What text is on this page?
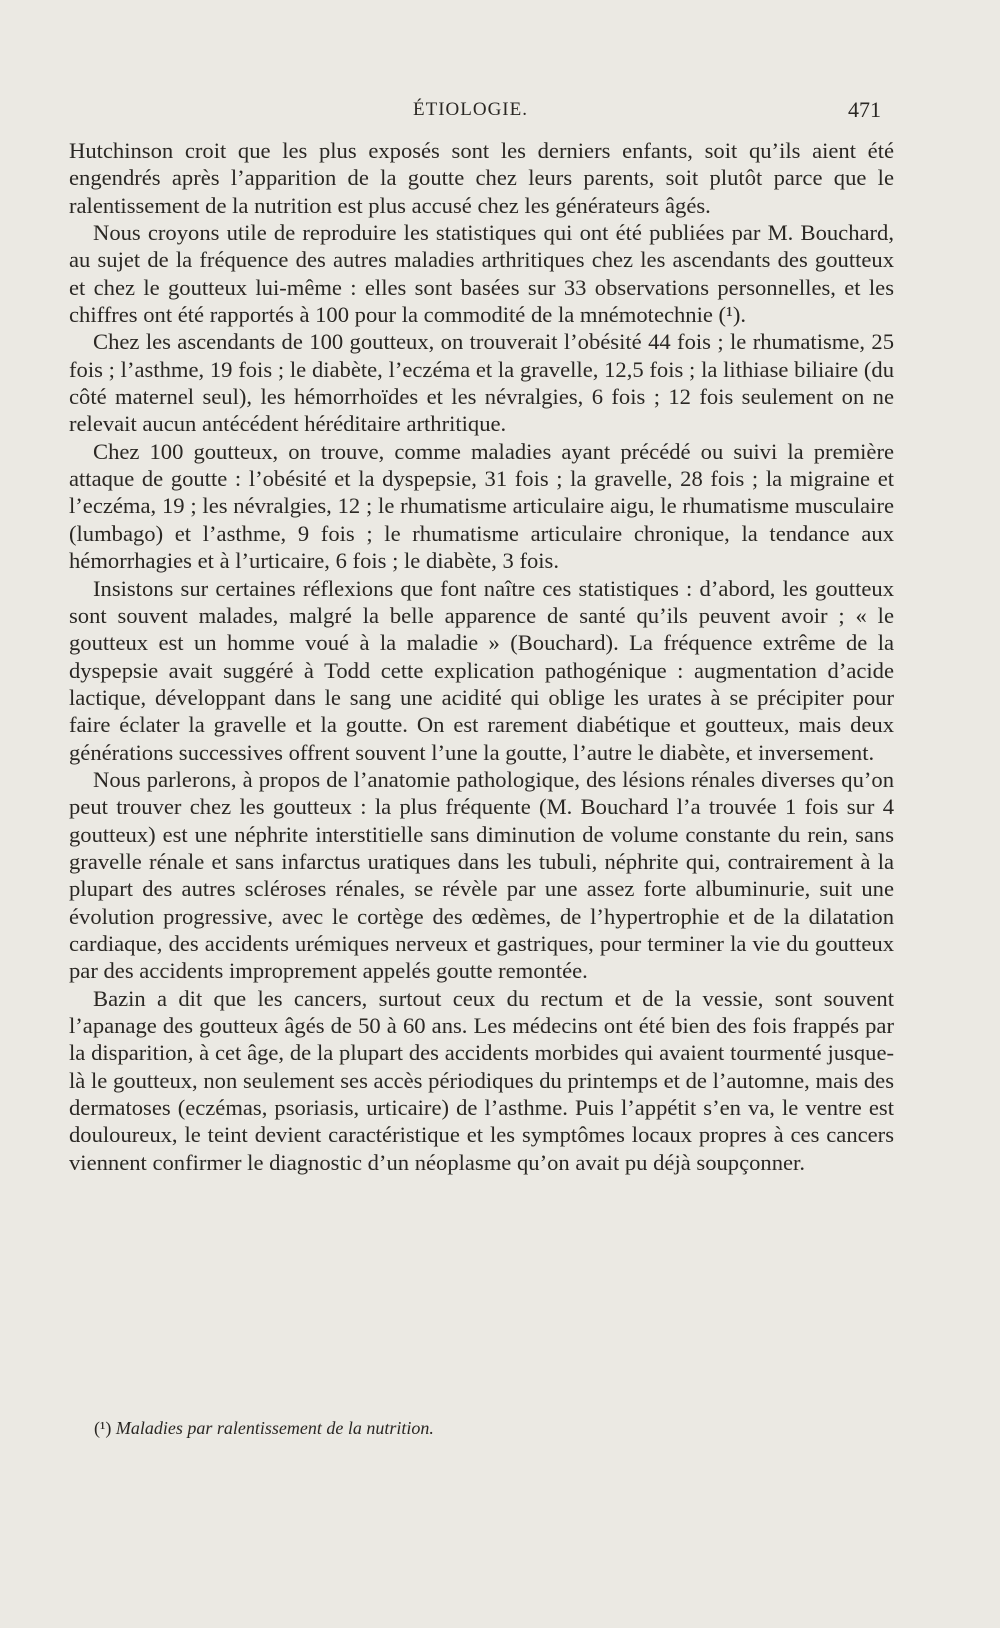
ÉTIOLOGIE.	471

Hutchinson croit que les plus exposés sont les derniers enfants, soit qu’ils aient été engendrés après l’apparition de la goutte chez leurs parents, soit plutôt parce que le ralentissement de la nutrition est plus accusé chez les générateurs âgés.

Nous croyons utile de reproduire les statistiques qui ont été publiées par M. Bouchard, au sujet de la fréquence des autres maladies arthritiques chez les ascendants des goutteux et chez le goutteux lui-même : elles sont basées sur 33 observations personnelles, et les chiffres ont été rapportés à 100 pour la commodité de la mnémotechnie (¹).

Chez les ascendants de 100 goutteux, on trouverait l’obésité 44 fois ; le rhumatisme, 25 fois ; l’asthme, 19 fois ; le diabète, l’eczéma et la gravelle, 12,5 fois ; la lithiase biliaire (du côté maternel seul), les hémorrhoïdes et les névralgies, 6 fois ; 12 fois seulement on ne relevait aucun antécédent héréditaire arthritique.

Chez 100 goutteux, on trouve, comme maladies ayant précédé ou suivi la première attaque de goutte : l’obésité et la dyspepsie, 31 fois ; la gravelle, 28 fois ; la migraine et l’eczéma, 19 ; les névralgies, 12 ; le rhumatisme articulaire aigu, le rhumatisme musculaire (lumbago) et l’asthme, 9 fois ; le rhumatisme articulaire chronique, la tendance aux hémorrhagies et à l’urticaire, 6 fois ; le diabète, 3 fois.

Insistons sur certaines réflexions que font naître ces statistiques : d’abord, les goutteux sont souvent malades, malgré la belle apparence de santé qu’ils peuvent avoir ; « le goutteux est un homme voué à la maladie » (Bouchard). La fréquence extrême de la dyspepsie avait suggéré à Todd cette explication pathogénique : augmentation d’acide lactique, développant dans le sang une acidité qui oblige les urates à se précipiter pour faire éclater la gravelle et la goutte. On est rarement diabétique et goutteux, mais deux générations successives offrent souvent l’une la goutte, l’autre le diabète, et inversement.

Nous parlerons, à propos de l’anatomie pathologique, des lésions rénales diverses qu’on peut trouver chez les goutteux : la plus fréquente (M. Bouchard l’a trouvée 1 fois sur 4 goutteux) est une néphrite interstitielle sans diminution de volume constante du rein, sans gravelle rénale et sans infarctus uratiques dans les tubuli, néphrite qui, contrairement à la plupart des autres scléroses rénales, se révèle par une assez forte albuminurie, suit une évolution progressive, avec le cortège des œdèmes, de l’hypertrophie et de la dilatation cardiaque, des accidents urémiques nerveux et gastriques, pour terminer la vie du goutteux par des accidents improprement appelés goutte remontée.

Bazin a dit que les cancers, surtout ceux du rectum et de la vessie, sont souvent l’apanage des goutteux âgés de 50 à 60 ans. Les médecins ont été bien des fois frappés par la disparition, à cet âge, de la plupart des accidents morbides qui avaient tourmenté jusque-là le goutteux, non seulement ses accès périodiques du printemps et de l’automne, mais des dermatoses (eczémas, psoriasis, urticaire) de l’asthme. Puis l’appétit s’en va, le ventre est douloureux, le teint devient caractéristique et les symptômes locaux propres à ces cancers viennent confirmer le diagnostic d’un néoplasme qu’on avait pu déjà soupçonner.

(¹) Maladies par ralentissement de la nutrition.
